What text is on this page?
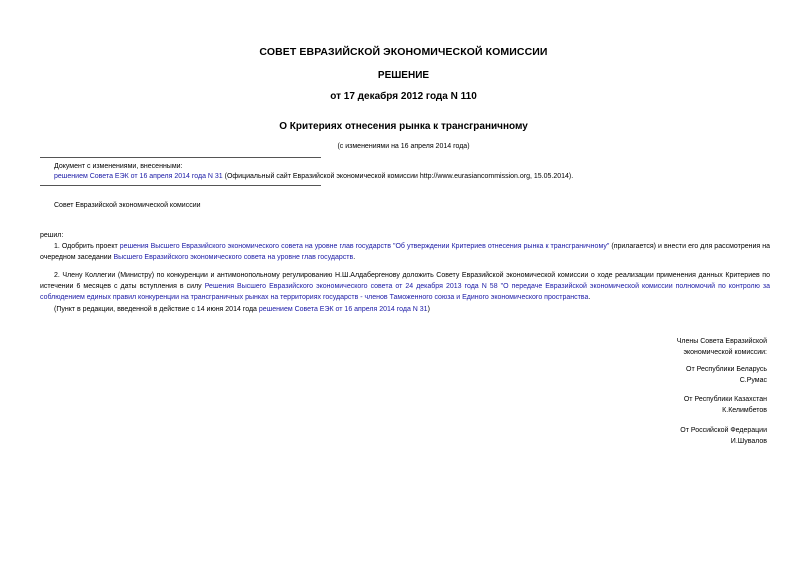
СОВЕТ ЕВРАЗИЙСКОЙ ЭКОНОМИЧЕСКОЙ КОМИССИИ
РЕШЕНИЕ
от 17 декабря 2012 года N 110
О Критериях отнесения рынка к трансграничному
(с изменениями на 16 апреля 2014 года)
Документ с изменениями, внесенными:
решением Совета ЕЭК от 16 апреля 2014 года N 31 (Официальный сайт Евразийской экономической комиссии http://www.eurasiancommission.org, 15.05.2014).
Совет Евразийской экономической комиссии
решил:
1. Одобрить проект решения Высшего Евразийского экономического совета на уровне глав государств "Об утверждении Критериев отнесения рынка к трансграничному" (прилагается) и внести его для рассмотрения на очередном заседании Высшего Евразийского экономического совета на уровне глав государств.
2. Члену Коллегии (Министру) по конкуренции и антимонопольному регулированию Н.Ш.Алдабергенову доложить Совету Евразийской экономической комиссии о ходе реализации применения данных Критериев по истечении 6 месяцев с даты вступления в силу Решения Высшего Евразийского экономического совета от 24 декабря 2013 года N 58 "О передаче Евразийской экономической комиссии полномочий по контролю за соблюдением единых правил конкуренции на трансграничных рынках на территориях государств - членов Таможенного союза и Единого экономического пространства.
(Пункт в редакции, введенной в действие с 14 июня 2014 года решением Совета ЕЭК от 16 апреля 2014 года N 31)
Члены Совета Евразийской
экономической комиссии:
От Республики Беларусь
С.Румас
От Республики Казахстан
К.Келимбетов
От Российской Федерации
И.Шувалов
